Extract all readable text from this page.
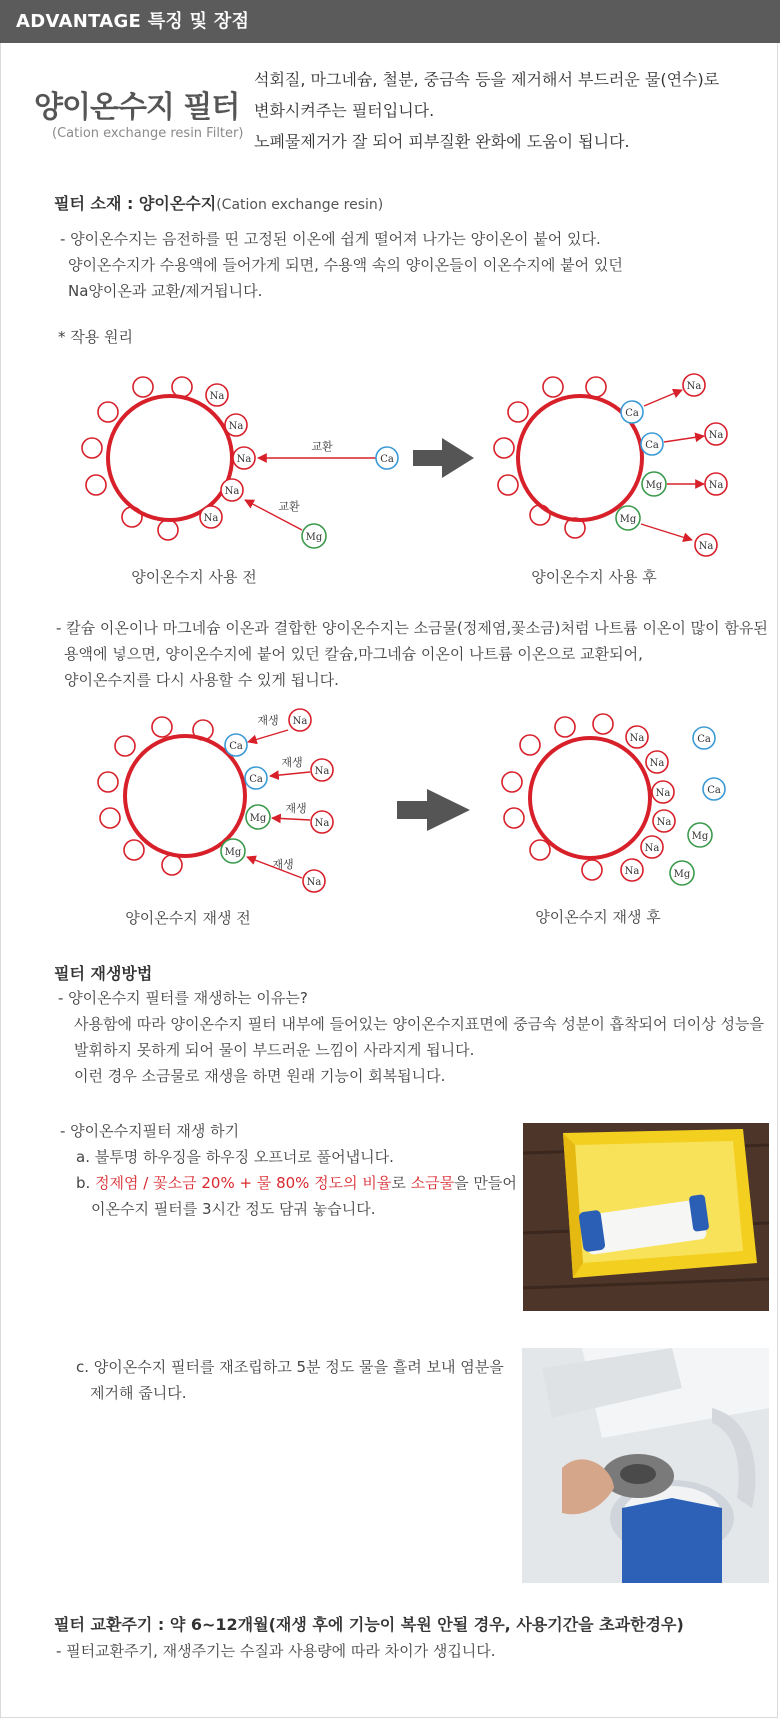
ADVANTAGE 특징 및 장점
양이온수지 필터
(Cation exchange resin Filter)
석회질, 마그네슘, 철분, 중금속 등을 제거해서 부드러운 물(연수)로
변화시켜주는 필터입니다.
노폐물제거가 잘 되어 피부질환 완화에 도움이 됩니다.
필터 소재 : 양이온수지(Cation exchange resin)
- 양이온수지는 음전하를 띤 고정된 이온에 쉽게 떨어져 나가는 양이온이 붙어 있다.
양이온수지가 수용액에 들어가게 되면, 수용액 속의 양이온들이 이온수지에 붙어 있던
Na양이온과 교환/제거됩니다.
* 작용 원리
Na
Na
Na
Na
Na
교환
Ca
교환
Mg
Ca
Ca
Mg
Mg
Na
Na
Na
Na
양이온수지 사용 전	양이온수지 사용 후
- 칼슘 이온이나 마그네슘 이온과 결합한 양이온수지는 소금물(정제염,꽃소금)처럼 나트륨 이온이 많이 함유된
용액에 넣으면, 양이온수지에 붙어 있던 칼슘,마그네슘 이온이 나트륨 이온으로 교환되어,
양이온수지를 다시 사용할 수 있게 됩니다.
Ca
Ca
Mg
Mg
재생
재생
재생
재생
Na
Na
Na
Na
Na
Na
Na
Na
Na
Na
Ca
Ca
Mg
Mg
양이온수지 재생 전	양이온수지 재생 후
필터 재생방법
- 양이온수지 필터를 재생하는 이유는?
사용함에 따라 양이온수지 필터 내부에 들어있는 양이온수지표면에 중금속 성분이 흡착되어 더이상 성능을
발휘하지 못하게 되어 물이 부드러운 느낌이 사라지게 됩니다.
이런 경우 소금물로 재생을 하면 원래 기능이 회복됩니다.
- 양이온수지필터 재생 하기
a. 불투명 하우징을 하우징 오프너로 풀어냅니다.
b. 정제염 / 꽃소금 20% + 물 80% 정도의 비율로 소금물을 만들어
이온수지 필터를 3시간 정도 담궈 놓습니다.
c. 양이온수지 필터를 재조립하고 5분 정도 물을 흘려 보내 염분을
제거해 줍니다.
필터 교환주기 : 약 6~12개월(재생 후에 기능이 복원 안될 경우, 사용기간을 초과한경우)
- 필터교환주기, 재생주기는 수질과 사용량에 따라 차이가 생깁니다.
